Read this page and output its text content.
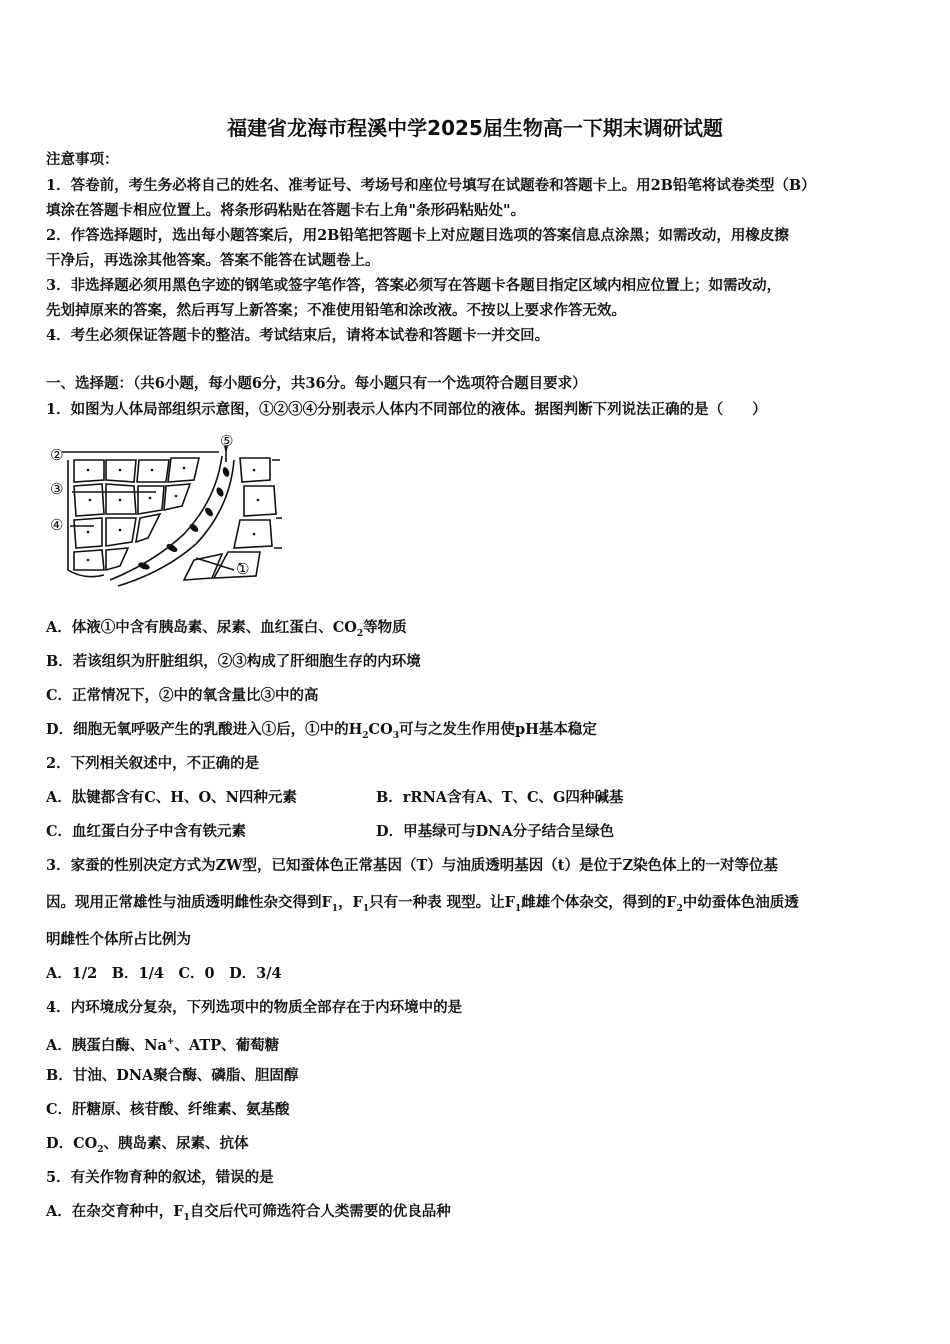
福建省龙海市程溪中学2025届生物高一下期末调研试题
注意事项：
1．答卷前，考生务必将自己的姓名、准考证号、考场号和座位号填写在试题卷和答题卡上。用2B铅笔将试卷类型（B）
填涂在答题卡相应位置上。将条形码粘贴在答题卡右上角"条形码粘贴处"。
2．作答选择题时，选出每小题答案后，用2B铅笔把答题卡上对应题目选项的答案信息点涂黑；如需改动，用橡皮擦
干净后，再选涂其他答案。答案不能答在试题卷上。
3．非选择题必须用黑色字迹的钢笔或签字笔作答，答案必须写在答题卡各题目指定区域内相应位置上；如需改动，
先划掉原来的答案，然后再写上新答案；不准使用铅笔和涂改液。不按以上要求作答无效。
4．考生必须保证答题卡的整洁。考试结束后，请将本试卷和答题卡一并交回。
一、选择题：（共6小题，每小题6分，共36分。每小题只有一个选项符合题目要求）
1．如图为人体局部组织示意图，①②③④分别表示人体内不同部位的液体。据图判断下列说法正确的是（　　）
②
③
④
⑤
①
A．体液①中含有胰岛素、尿素、血红蛋白、$CO_2$等物质
B．若该组织为肝脏组织，②③构成了肝细胞生存的内环境
C．正常情况下，②中的氧含量比③中的高
D．细胞无氧呼吸产生的乳酸进入①后，①中的$H_2CO_3$可与之发生作用使pH基本稳定
2．下列相关叙述中，不正确的是
A．肽键都含有C、H、O、N四种元素	B．rRNA含有A、T、C、G四种碱基
C．血红蛋白分子中含有铁元素	D．甲基绿可与DNA分子结合呈绿色
3．家蚕的性别决定方式为ZW型，已知蚕体色正常基因（T）与油质透明基因（t）是位于Z染色体上的一对等位基
因。现用正常雄性与油质透明雌性杂交得到$F_1$，$F_1$只有一种表 现型。让$F_1$雌雄个体杂交，得到的$F_2$中幼蚕体色油质透
明雌性个体所占比例为
A．1/2　B．1/4　C．0　D．3/4
4．内环境成分复杂，下列选项中的物质全部存在于内环境中的是
A．胰蛋白酶、Na+、ATP、葡萄糖
B．甘油、DNA聚合酶、磷脂、胆固醇
C．肝糖原、核苷酸、纤维素、氨基酸
D．$CO_2$、胰岛素、尿素、抗体
5．有关作物育种的叙述，错误的是
A．在杂交育种中，$F_1$自交后代可筛选符合人类需要的优良品种
